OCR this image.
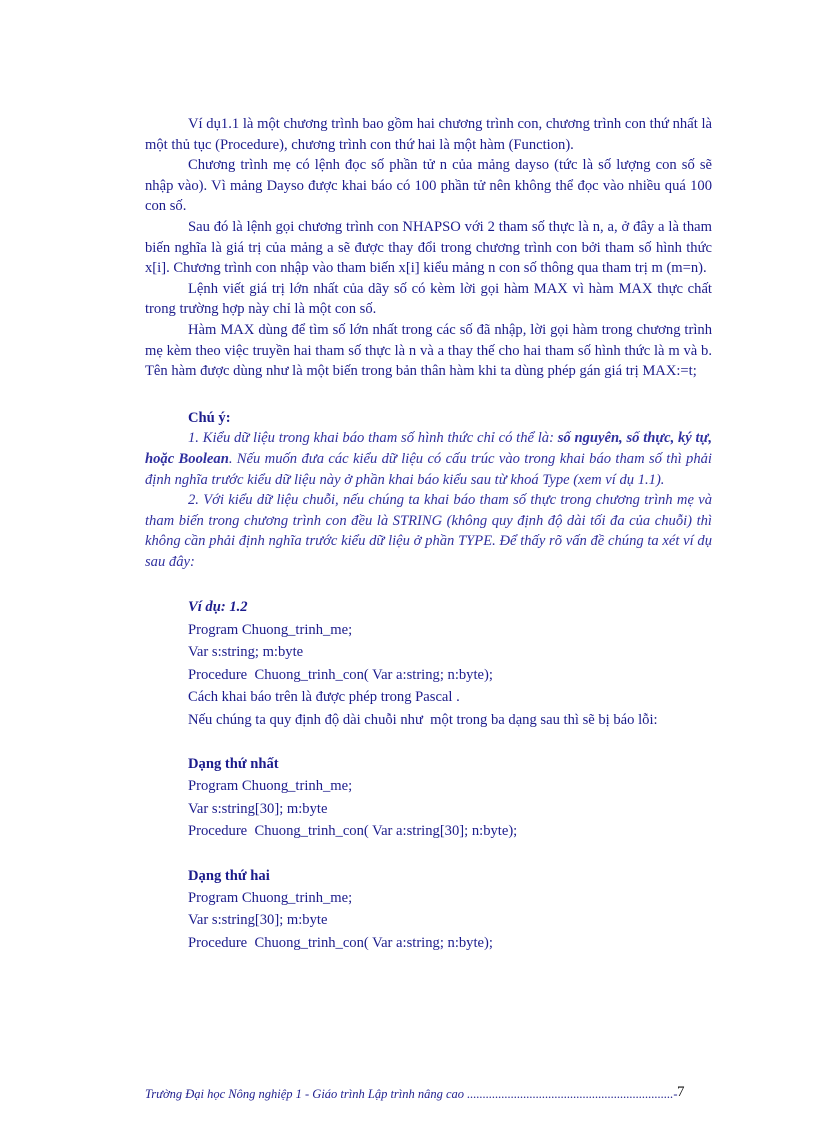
Ví dụ1.1 là một chương trình bao gồm hai chương trình con, chương trình con thứ nhất là một thủ tục (Procedure), chương trình con thứ hai là một hàm (Function).

Chương trình mẹ có lệnh đọc số phần tử n của mảng dayso (tức là số lượng con số sẽ nhập vào). Vì mảng Dayso được khai báo có 100 phần tử nên không thể đọc vào nhiều quá 100 con số.

Sau đó là lệnh gọi chương trình con NHAPSO với 2 tham số thực là n, a, ở đây a là tham biến nghĩa là giá trị của mảng a sẽ được thay đổi trong chương trình con bởi tham số hình thức x[i]. Chương trình con nhập vào tham biến x[i] kiểu mảng n con số thông qua tham trị m (m=n).

Lệnh viết giá trị lớn nhất của dãy số có kèm lời gọi hàm MAX vì hàm MAX thực chất trong trường hợp này chỉ là một con số.

Hàm MAX dùng để tìm số lớn nhất trong các số đã nhập, lời gọi hàm trong chương trình mẹ kèm theo việc truyền hai tham số thực là n và a thay thế cho hai tham số hình thức là m và b. Tên hàm được dùng như là một biến trong bản thân hàm khi ta dùng phép gán giá trị MAX:=t;

Chú ý:

1. Kiểu dữ liệu trong khai báo tham số hình thức chỉ có thể là: số nguyên, số thực, ký tự, hoặc Boolean. Nếu muốn đưa các kiểu dữ liệu có cấu trúc vào trong khai báo tham số thì phải định nghĩa trước kiểu dữ liệu này ở phần khai báo kiểu sau từ khoá Type (xem ví dụ 1.1).

2. Với kiểu dữ liệu chuỗi, nếu chúng ta khai báo tham số thực trong chương trình mẹ và tham biến trong chương trình con đều là STRING (không quy định độ dài tối đa của chuỗi) thì không cần phải định nghĩa trước kiểu dữ liệu ở phần TYPE. Để thấy rõ vấn đề chúng ta xét ví dụ sau đây:

Ví dụ: 1.2
Program Chuong_trinh_me;
Var s:string; m:byte
Procedure  Chuong_trinh_con( Var a:string; n:byte);
Cách khai báo trên là được phép trong Pascal .
Nếu chúng ta quy định độ dài chuỗi như  một trong ba dạng sau thì sẽ bị báo lỗi:
Dạng thứ nhất
Program Chuong_trinh_me;
Var s:string[30]; m:byte
Procedure  Chuong_trinh_con( Var a:string[30]; n:byte);
Dạng thứ hai
Program Chuong_trinh_me;
Var s:string[30]; m:byte
Procedure  Chuong_trinh_con( Var a:string; n:byte);
Trường Đại học Nông nghiệp 1 - Giáo trình Lập trình nâng cao ..................................................................- 7
